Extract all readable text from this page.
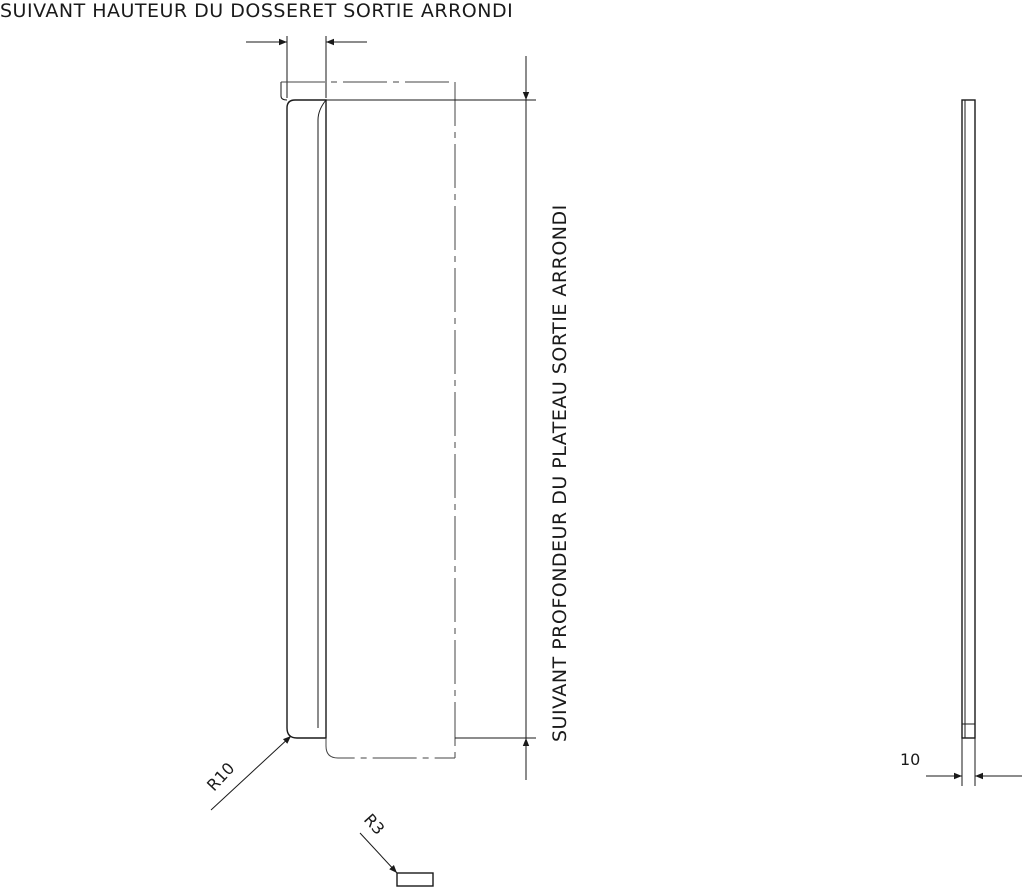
SUIVANT HAUTEUR DU DOSSERET SORTIE ARRONDI
SUIVANT PROFONDEUR DU PLATEAU SORTIE ARRONDI
R10
R3
10
